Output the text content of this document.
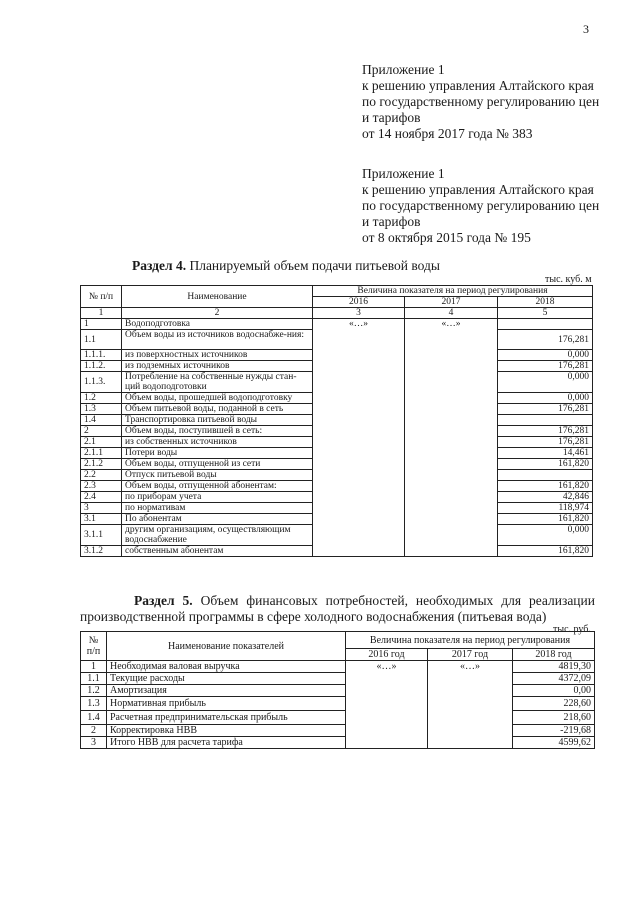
3
Приложение 1
к решению управления Алтайского края
по государственному регулированию цен
и тарифов
от 14 ноября 2017 года № 383
Приложение 1
к решению управления Алтайского края
по государственному регулированию цен
и тарифов
от 8 октября 2015 года № 195
Раздел 4. Планируемый объем подачи питьевой воды
тыс. куб. м
№ п/п	Наименование	Величина показателя на период регулирования		
		2016	2017	2018
1	2	3	4	5
1	Водоподготовка	«…»	«…»	
1.1	Объем воды из источников водоснабже-ния:			176,281
1.1.1.	из поверхностных источников			0,000
1.1.2.	из подземных источников			176,281
1.1.3.	Потребление на собственные нужды стан-ций водоподготовки			0,000
1.2	Объем воды, прошедшей водоподготовку			0,000
1.3	Объем питьевой воды, поданной в сеть			176,281
1.4	Транспортировка питьевой воды			
2	Объем воды, поступившей в сеть:			176,281
2.1	из собственных источников			176,281
2.1.1	Потери воды			14,461
2.1.2	Объем воды, отпущенной из сети			161,820
2.2	Отпуск питьевой воды			
2.3	Объем воды, отпущенной абонентам:			161,820
2.4	по приборам учета			42,846
3	по нормативам			118,974
3.1	По абонентам			161,820
3.1.1	другим организациям, осуществляющим водоснабжение			0,000
3.1.2	собственным абонентам			161,820
Раздел 5. Объем финансовых потребностей, необходимых для реализации производственной программы в сфере холодного водоснабжения (питьевая вода)
тыс. руб.
№ п/п	Наименование показателей	Величина показателя на период регулирования		
		2016 год	2017 год	2018 год
1	Необходимая валовая выручка	«…»	«…»	4819,30
1.1	Текущие расходы			4372,09
1.2	Амортизация			0,00
1.3	Нормативная прибыль			228,60
1.4	Расчетная предпринимательская прибыль			218,60
2	Корректировка НВВ			-219,68
3	Итого НВВ для расчета тарифа			4599,62
